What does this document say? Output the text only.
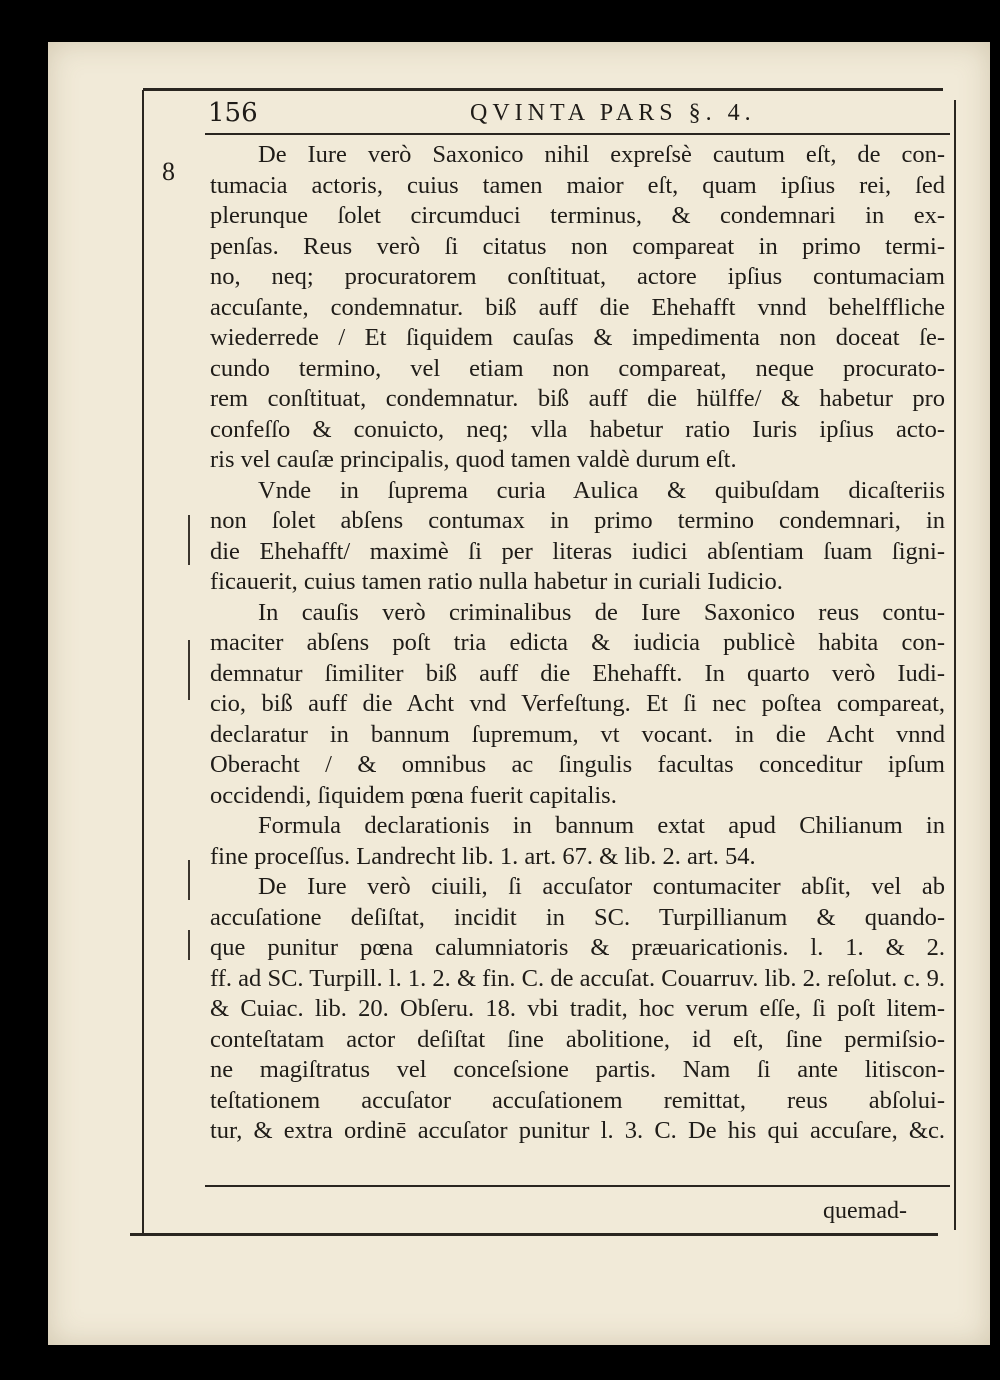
156	QVINTA PARS §. 4.
8
De Iure verò Saxonico nihil expreſsè cautum eſt, de con-
tumacia actoris, cuius tamen maior eſt, quam ipſius rei, ſed
plerunque ſolet circumduci terminus, & condemnari in ex-
penſas. Reus verò ſi citatus non compareat in primo termi-
no, neq; procuratorem conſtituat, actore ipſius contumaciam
accuſante, condemnatur. biß auff die Ehehafft vnnd behelffliche
wiederrede / Et ſiquidem cauſas & impedimenta non doceat ſe-
cundo termino, vel etiam non compareat, neque procurato-
rem conſtituat, condemnatur. biß auff die hülffe/ & habetur pro
confeſſo & conuicto, neq; vlla habetur ratio Iuris ipſius acto-
ris vel cauſæ principalis, quod tamen valdè durum eſt.
Vnde in ſuprema curia Aulica & quibuſdam dicaſteriis
non ſolet abſens contumax in primo termino condemnari, in
die Ehehafft/ maximè ſi per literas iudici abſentiam ſuam ſigni-
ficauerit, cuius tamen ratio nulla habetur in curiali Iudicio.
In cauſis verò criminalibus de Iure Saxonico reus contu-
maciter abſens poſt tria edicta & iudicia publicè habita con-
demnatur ſimiliter biß auff die Ehehafft. In quarto verò Iudi-
cio, biß auff die Acht vnd Verfeſtung. Et ſi nec poſtea compareat,
declaratur in bannum ſupremum, vt vocant. in die Acht vnnd
Oberacht / & omnibus ac ſingulis facultas conceditur ipſum
occidendi, ſiquidem pœna fuerit capitalis.
Formula declarationis in bannum extat apud Chilianum in
fine proceſſus. Landrecht lib. 1. art. 67. & lib. 2. art. 54.
De Iure verò ciuili, ſi accuſator contumaciter abſit, vel ab
accuſatione deſiſtat, incidit in SC. Turpillianum & quando-
que punitur pœna calumniatoris & præuaricationis. l. 1. & 2.
ff. ad SC. Turpill. l. 1. 2. & fin. C. de accuſat. Couarruv. lib. 2. reſolut. c. 9.
& Cuiac. lib. 20. Obſeru. 18. vbi tradit, hoc verum eſſe, ſi poſt litem-
conteſtatam actor deſiſtat ſine abolitione, id eſt, ſine permiſsio-
ne magiſtratus vel conceſsione partis. Nam ſi ante litiscon-
teſtationem accuſator accuſationem remittat, reus abſolui-
tur, & extra ordinē accuſator punitur l. 3. C. De his qui accuſare, &c.
quemad-
